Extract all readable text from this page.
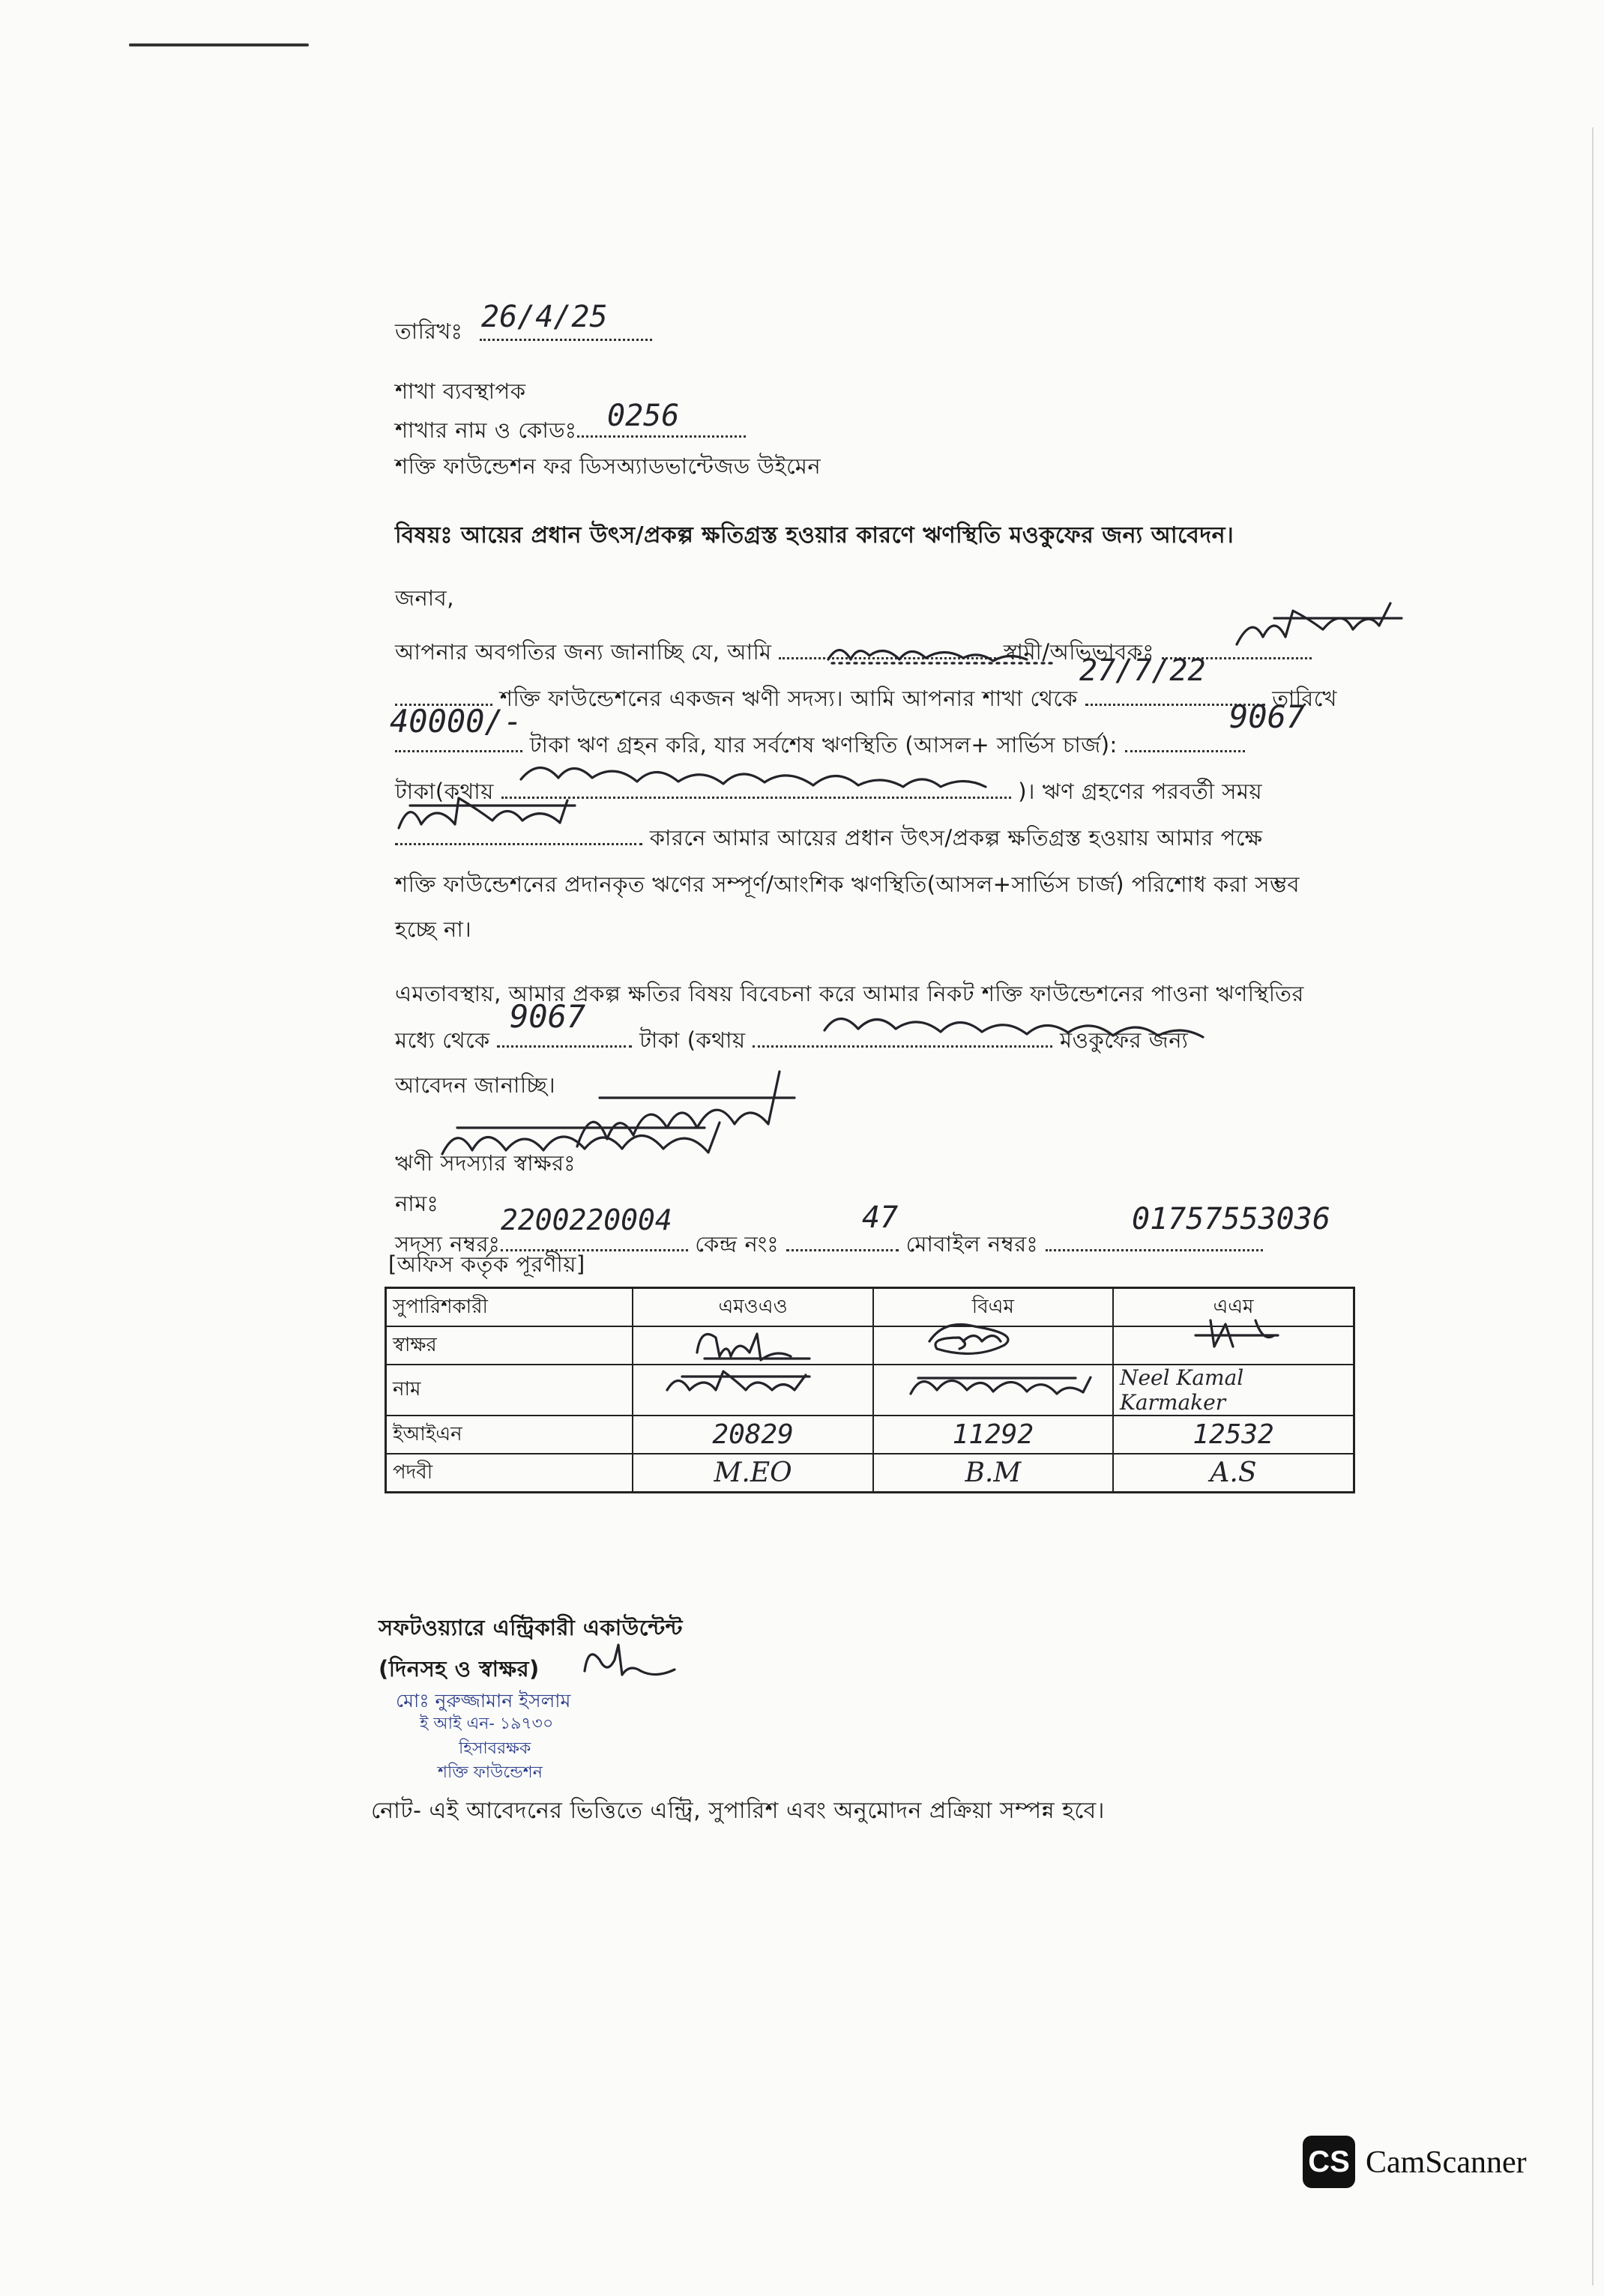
তারিখঃ 26/4/25
শাখা ব্যবস্থাপক
শাখার নাম ও কোডঃ	0256
শক্তি ফাউন্ডেশন ফর ডিসঅ্যাডভান্টেজড উইমেন
বিষয়ঃ আয়ের প্রধান উৎস/প্রকল্প ক্ষতিগ্রস্ত হওয়ার কারণে ঋণস্থিতি মওকুফের জন্য আবেদন।
জনাব,
আপনার অবগতির জন্য জানাচ্ছি যে, আমি	স্বামী/অভিভাবকঃ
শক্তি ফাউন্ডেশনের একজন ঋণী সদস্য। আমি আপনার শাখা থেকে	তারিখে
27/7/22
টাকা ঋণ গ্রহন করি, যার সর্বশেষ ঋণস্থিতি (আসল+ সার্ভিস চার্জ):
40000/-	9067
টাকা(কথায়	)। ঋণ গ্রহণের পরবর্তী সময়
কারনে আমার আয়ের প্রধান উৎস/প্রকল্প ক্ষতিগ্রস্ত হওয়ায় আমার পক্ষে
শক্তি ফাউন্ডেশনের প্রদানকৃত ঋণের সম্পূর্ণ/আংশিক ঋণস্থিতি(আসল+সার্ভিস চার্জ) পরিশোধ করা সম্ভব
হচ্ছে না।
এমতাবস্থায়, আমার প্রকল্প ক্ষতির বিষয় বিবেচনা করে আমার নিকট শক্তি ফাউন্ডেশনের পাওনা ঋণস্থিতির
মধ্যে থেকে	টাকা (কথায়	মওকুফের জন্য
9067
আবেদন জানাচ্ছি।
ঋণী সদস্যার স্বাক্ষরঃ
নামঃ
সদস্য নম্বরঃ	কেন্দ্র নংঃ	মোবাইল নম্বরঃ
2200220004	47	01757553036
[অফিস কর্তৃক পূরণীয়]
সুপারিশকারী	এমওএও	বিএম	এএম
স্বাক্ষর			
নাম			Neel Kamal Karmaker
ইআইএন	20829	11292	12532
পদবী	M.EO	B.M	A.S
সফটওয়্যারে এন্ট্রিকারী একাউন্টেন্ট
(দিনসহ ও স্বাক্ষর)
মোঃ নুরুজ্জামান ইসলাম
ই আই এন- ১৯৭৩০
হিসাবরক্ষক
শক্তি ফাউন্ডেশন
নোট- এই আবেদনের ভিত্তিতে এন্ট্রি, সুপারিশ এবং অনুমোদন প্রক্রিয়া সম্পন্ন হবে।
CS CamScanner
